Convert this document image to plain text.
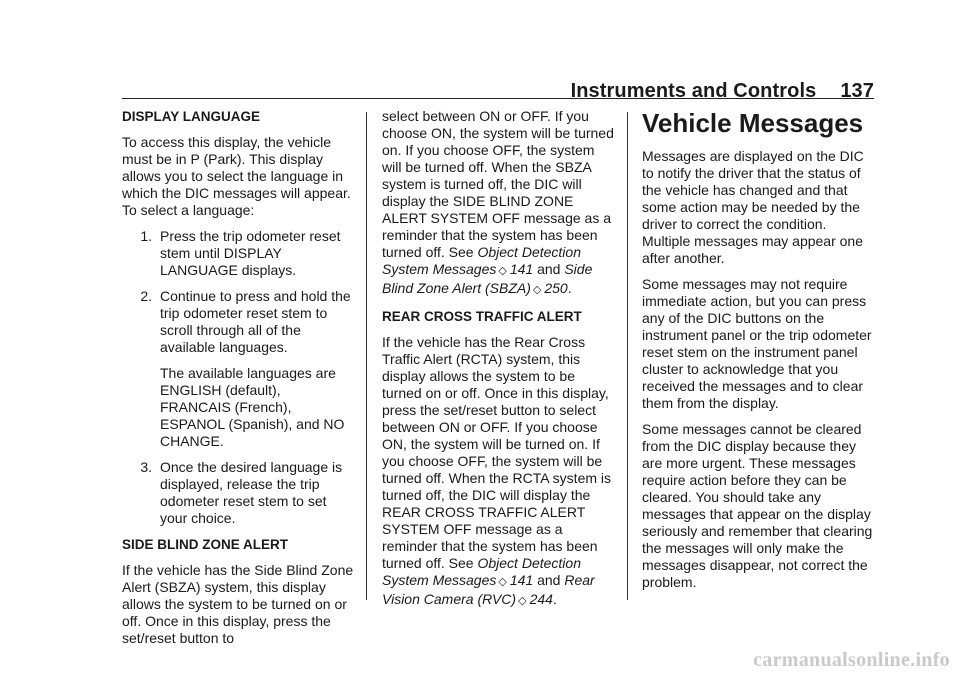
Instruments and Controls 137
DISPLAY LANGUAGE

To access this display, the vehicle must be in P (Park). This display allows you to select the language in which the DIC messages will appear. To select a language:

1. Press the trip odometer reset stem until DISPLAY LANGUAGE displays.
2. Continue to press and hold the trip odometer reset stem to scroll through all of the available languages.

The available languages are ENGLISH (default), FRANCAIS (French), ESPANOL (Spanish), and NO CHANGE.

3. Once the desired language is displayed, release the trip odometer reset stem to set your choice.
SIDE BLIND ZONE ALERT

If the vehicle has the Side Blind Zone Alert (SBZA) system, this display allows the system to be turned on or off. Once in this display, press the set/reset button to

select between ON or OFF. If you choose ON, the system will be turned on. If you choose OFF, the system will be turned off. When the SBZA system is turned off, the DIC will display the SIDE BLIND ZONE ALERT SYSTEM OFF message as a reminder that the system has been turned off. See Object Detection System Messages ◇ 141 and Side Blind Zone Alert (SBZA) ◇ 250.

REAR CROSS TRAFFIC ALERT

If the vehicle has the Rear Cross Traffic Alert (RCTA) system, this display allows the system to be turned on or off. Once in this display, press the set/reset button to select between ON or OFF. If you choose ON, the system will be turned on. If you choose OFF, the system will be turned off. When the RCTA system is turned off, the DIC will display the REAR CROSS TRAFFIC ALERT SYSTEM OFF message as a reminder that the system has been turned off. See Object Detection System Messages ◇ 141 and Rear Vision Camera (RVC) ◇ 244.

Vehicle Messages

Messages are displayed on the DIC to notify the driver that the status of the vehicle has changed and that some action may be needed by the driver to correct the condition. Multiple messages may appear one after another.

Some messages may not require immediate action, but you can press any of the DIC buttons on the instrument panel or the trip odometer reset stem on the instrument panel cluster to acknowledge that you received the messages and to clear them from the display.

Some messages cannot be cleared from the DIC display because they are more urgent. These messages require action before they can be cleared. You should take any messages that appear on the display seriously and remember that clearing the messages will only make the messages disappear, not correct the problem.

carmanualsonline.info
